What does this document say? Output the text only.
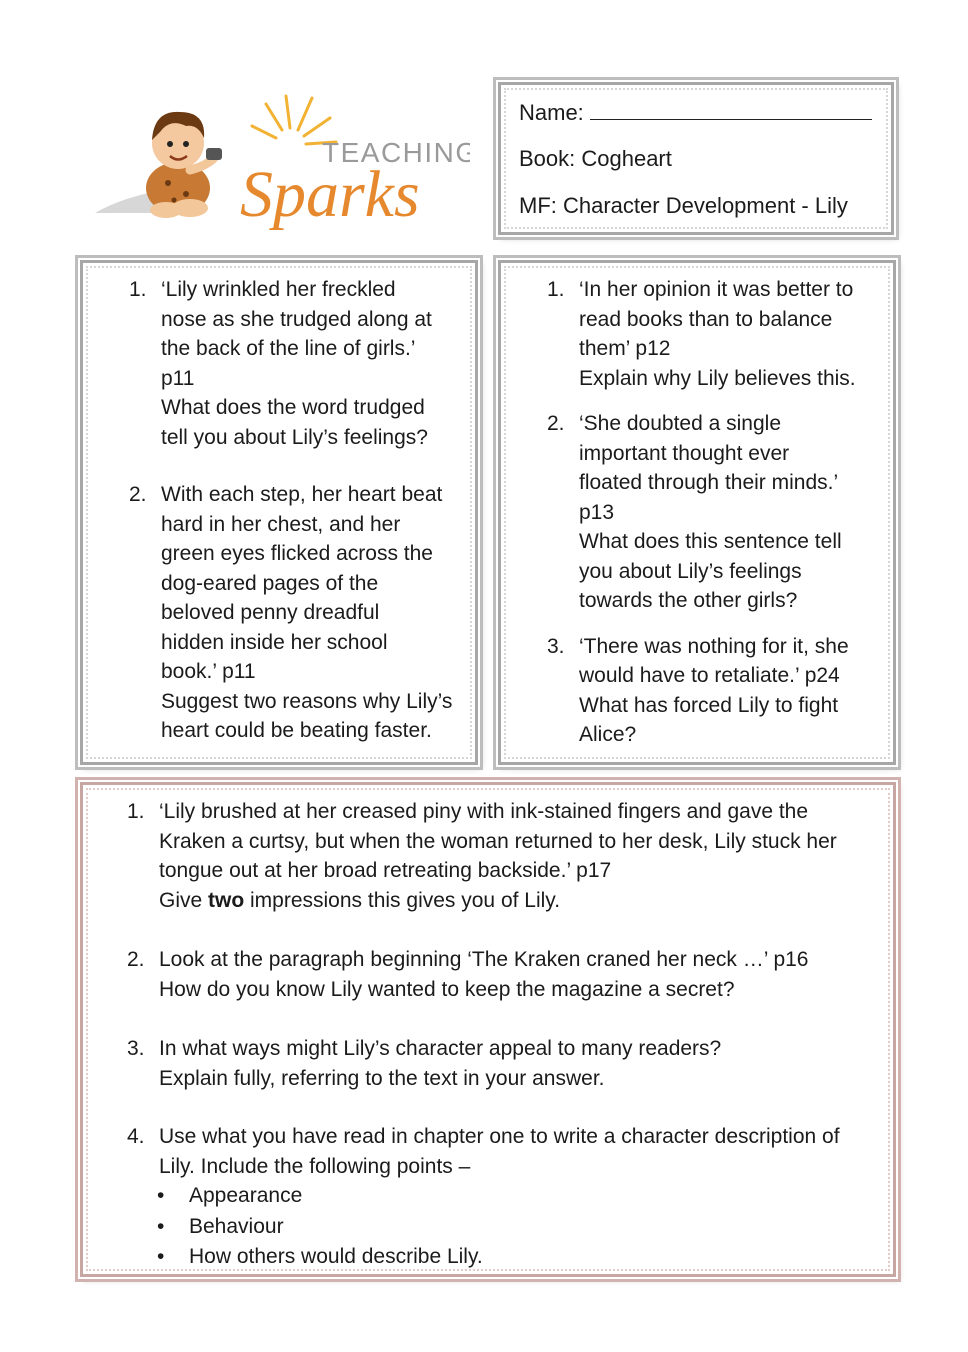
TEACHING
Sparks
Name:
Book: Cogheart
MF: Character Development - Lily
1. ‘Lily wrinkled her freckled
nose as she trudged along at
the back of the line of girls.’
p11
What does the word trudged
tell you about Lily’s feelings?
2. With each step, her heart beat
hard in her chest, and her
green eyes flicked across the
dog-eared pages of the
beloved penny dreadful
hidden inside her school
book.’ p11
Suggest two reasons why Lily’s
heart could be beating faster.
1. ‘In her opinion it was better to
read books than to balance
them’ p12
Explain why Lily believes this.
2. ‘She doubted a single
important thought ever
floated through their minds.’
p13
What does this sentence tell
you about Lily’s feelings
towards the other girls?
3. ‘There was nothing for it, she
would have to retaliate.’ p24
What has forced Lily to fight
Alice?
1. ‘Lily brushed at her creased piny with ink-stained fingers and gave the
Kraken a curtsy, but when the woman returned to her desk, Lily stuck her
tongue out at her broad retreating backside.’ p17
Give two impressions this gives you of Lily.
2. Look at the paragraph beginning ‘The Kraken craned her neck …’ p16
How do you know Lily wanted to keep the magazine a secret?
3. In what ways might Lily’s character appeal to many readers?
Explain fully, referring to the text in your answer.
4. Use what you have read in chapter one to write a character description of
Lily. Include the following points –
• Appearance
• Behaviour
• How others would describe Lily.
